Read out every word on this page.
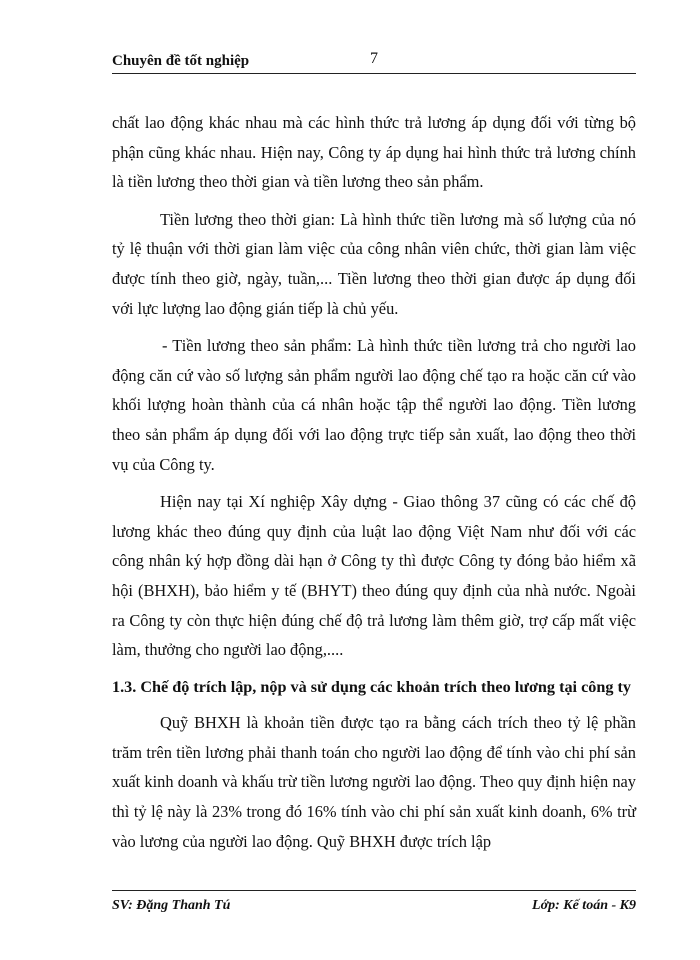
Chuyên đề tốt nghiệp	7

chất lao động khác nhau mà các hình thức trả lương áp dụng đối với từng bộ phận cũng khác nhau. Hiện nay, Công ty áp dụng hai hình thức trả lương chính là tiền lương theo thời gian và tiền lương theo sản phẩm.

Tiền lương theo thời gian: Là hình thức tiền lương mà số lượng của nó tỷ lệ thuận với thời gian làm việc của công nhân viên chức, thời gian làm việc được tính theo giờ, ngày, tuần,... Tiền lương theo thời gian được áp dụng đối với lực lượng lao động gián tiếp là chủ yếu.

- Tiền lương theo sản phẩm: Là hình thức tiền lương trả cho người lao động căn cứ vào số lượng sản phẩm người lao động chế tạo ra hoặc căn cứ vào khối lượng hoàn thành của cá nhân hoặc tập thể người lao động. Tiền lương theo sản phẩm áp dụng đối với lao động trực tiếp sản xuất, lao động theo thời vụ của Công ty.

Hiện nay tại Xí nghiệp Xây dựng - Giao thông 37 cũng có các chế độ lương khác theo đúng quy định của luật lao động Việt Nam như đối với các công nhân ký hợp đồng dài hạn ở Công ty thì được Công ty đóng bảo hiểm xã hội (BHXH), bảo hiểm y tế (BHYT) theo đúng quy định của nhà nước. Ngoài ra Công ty còn thực hiện đúng chế độ trả lương làm thêm giờ, trợ cấp mất việc làm, thưởng cho người lao động,....

1.3. Chế độ trích lập, nộp và sử dụng các khoản trích theo lương tại công ty

Quỹ BHXH là khoản tiền được tạo ra bằng cách trích theo tỷ lệ phần trăm trên tiền lương phải thanh toán cho người lao động để tính vào chi phí sản xuất kinh doanh và khấu trừ tiền lương người lao động. Theo quy định hiện nay thì tỷ lệ này là 23% trong đó 16% tính vào chi phí sản xuất kinh doanh, 6% trừ vào lương của người lao động. Quỹ BHXH được trích lập

SV: Đặng Thanh Tú	Lớp: Kế toán - K9
